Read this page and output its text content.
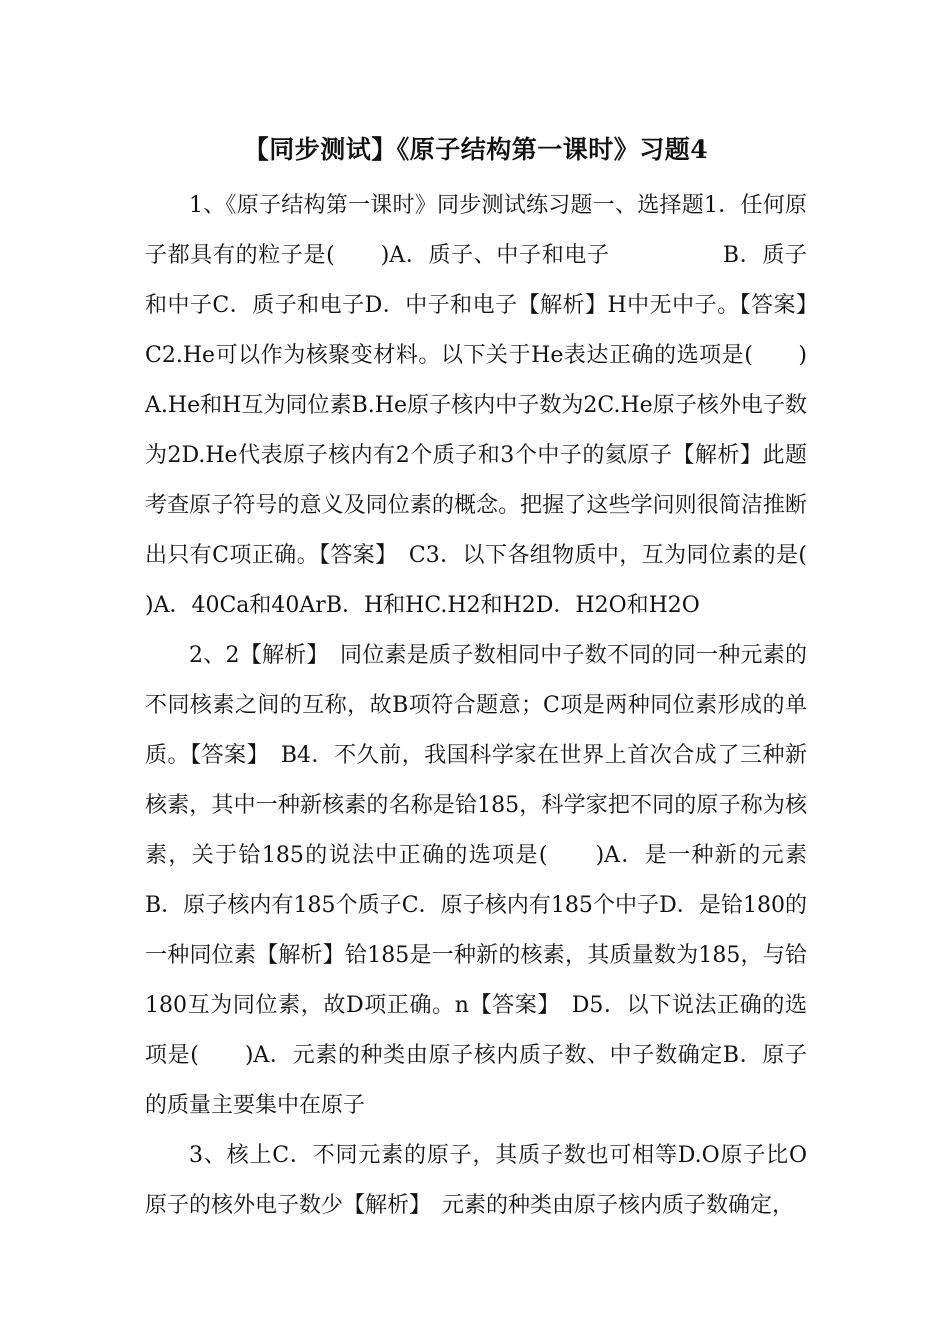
【同步测试】《原子结构第一课时》习题4

1、《原子结构第一课时》同步测试练习题一、选择题1．任何原子都具有的粒子是(　　)A．质子、中子和电子　　　　　B．质子和中子C．质子和电子D．中子和电子【解析】H中无中子。【答案】　C2.He可以作为核聚变材料。以下关于He表达正确的选项是(　　)A.He和H互为同位素B.He原子核内中子数为2C.He原子核外电子数为2D.He代表原子核内有2个质子和3个中子的氦原子【解析】此题考查原子符号的意义及同位素的概念。把握了这些学问则很简洁推断出只有C项正确。【答案】　C3．以下各组物质中，互为同位素的是(　　)A．40Ca和40ArB．H和HC.H2和H2D．H2O和H2O

2、2【解析】　同位素是质子数相同中子数不同的同一种元素的不同核素之间的互称，故B项符合题意；C项是两种同位素形成的单质。【答案】　B4．不久前，我国科学家在世界上首次合成了三种新核素，其中一种新核素的名称是铪185，科学家把不同的原子称为核素，关于铪185的说法中正确的选项是(　　)A．是一种新的元素B．原子核内有185个质子C．原子核内有185个中子D．是铪180的一种同位素【解析】铪185是一种新的核素，其质量数为185，与铪180互为同位素，故D项正确。n【答案】　D5．以下说法正确的选项是(　　)A．元素的种类由原子核内质子数、中子数确定B．原子的质量主要集中在原子

3、核上C．不同元素的原子，其质子数也可相等D.O原子比O原子的核外电子数少【解析】　元素的种类由原子核内质子数确定，
